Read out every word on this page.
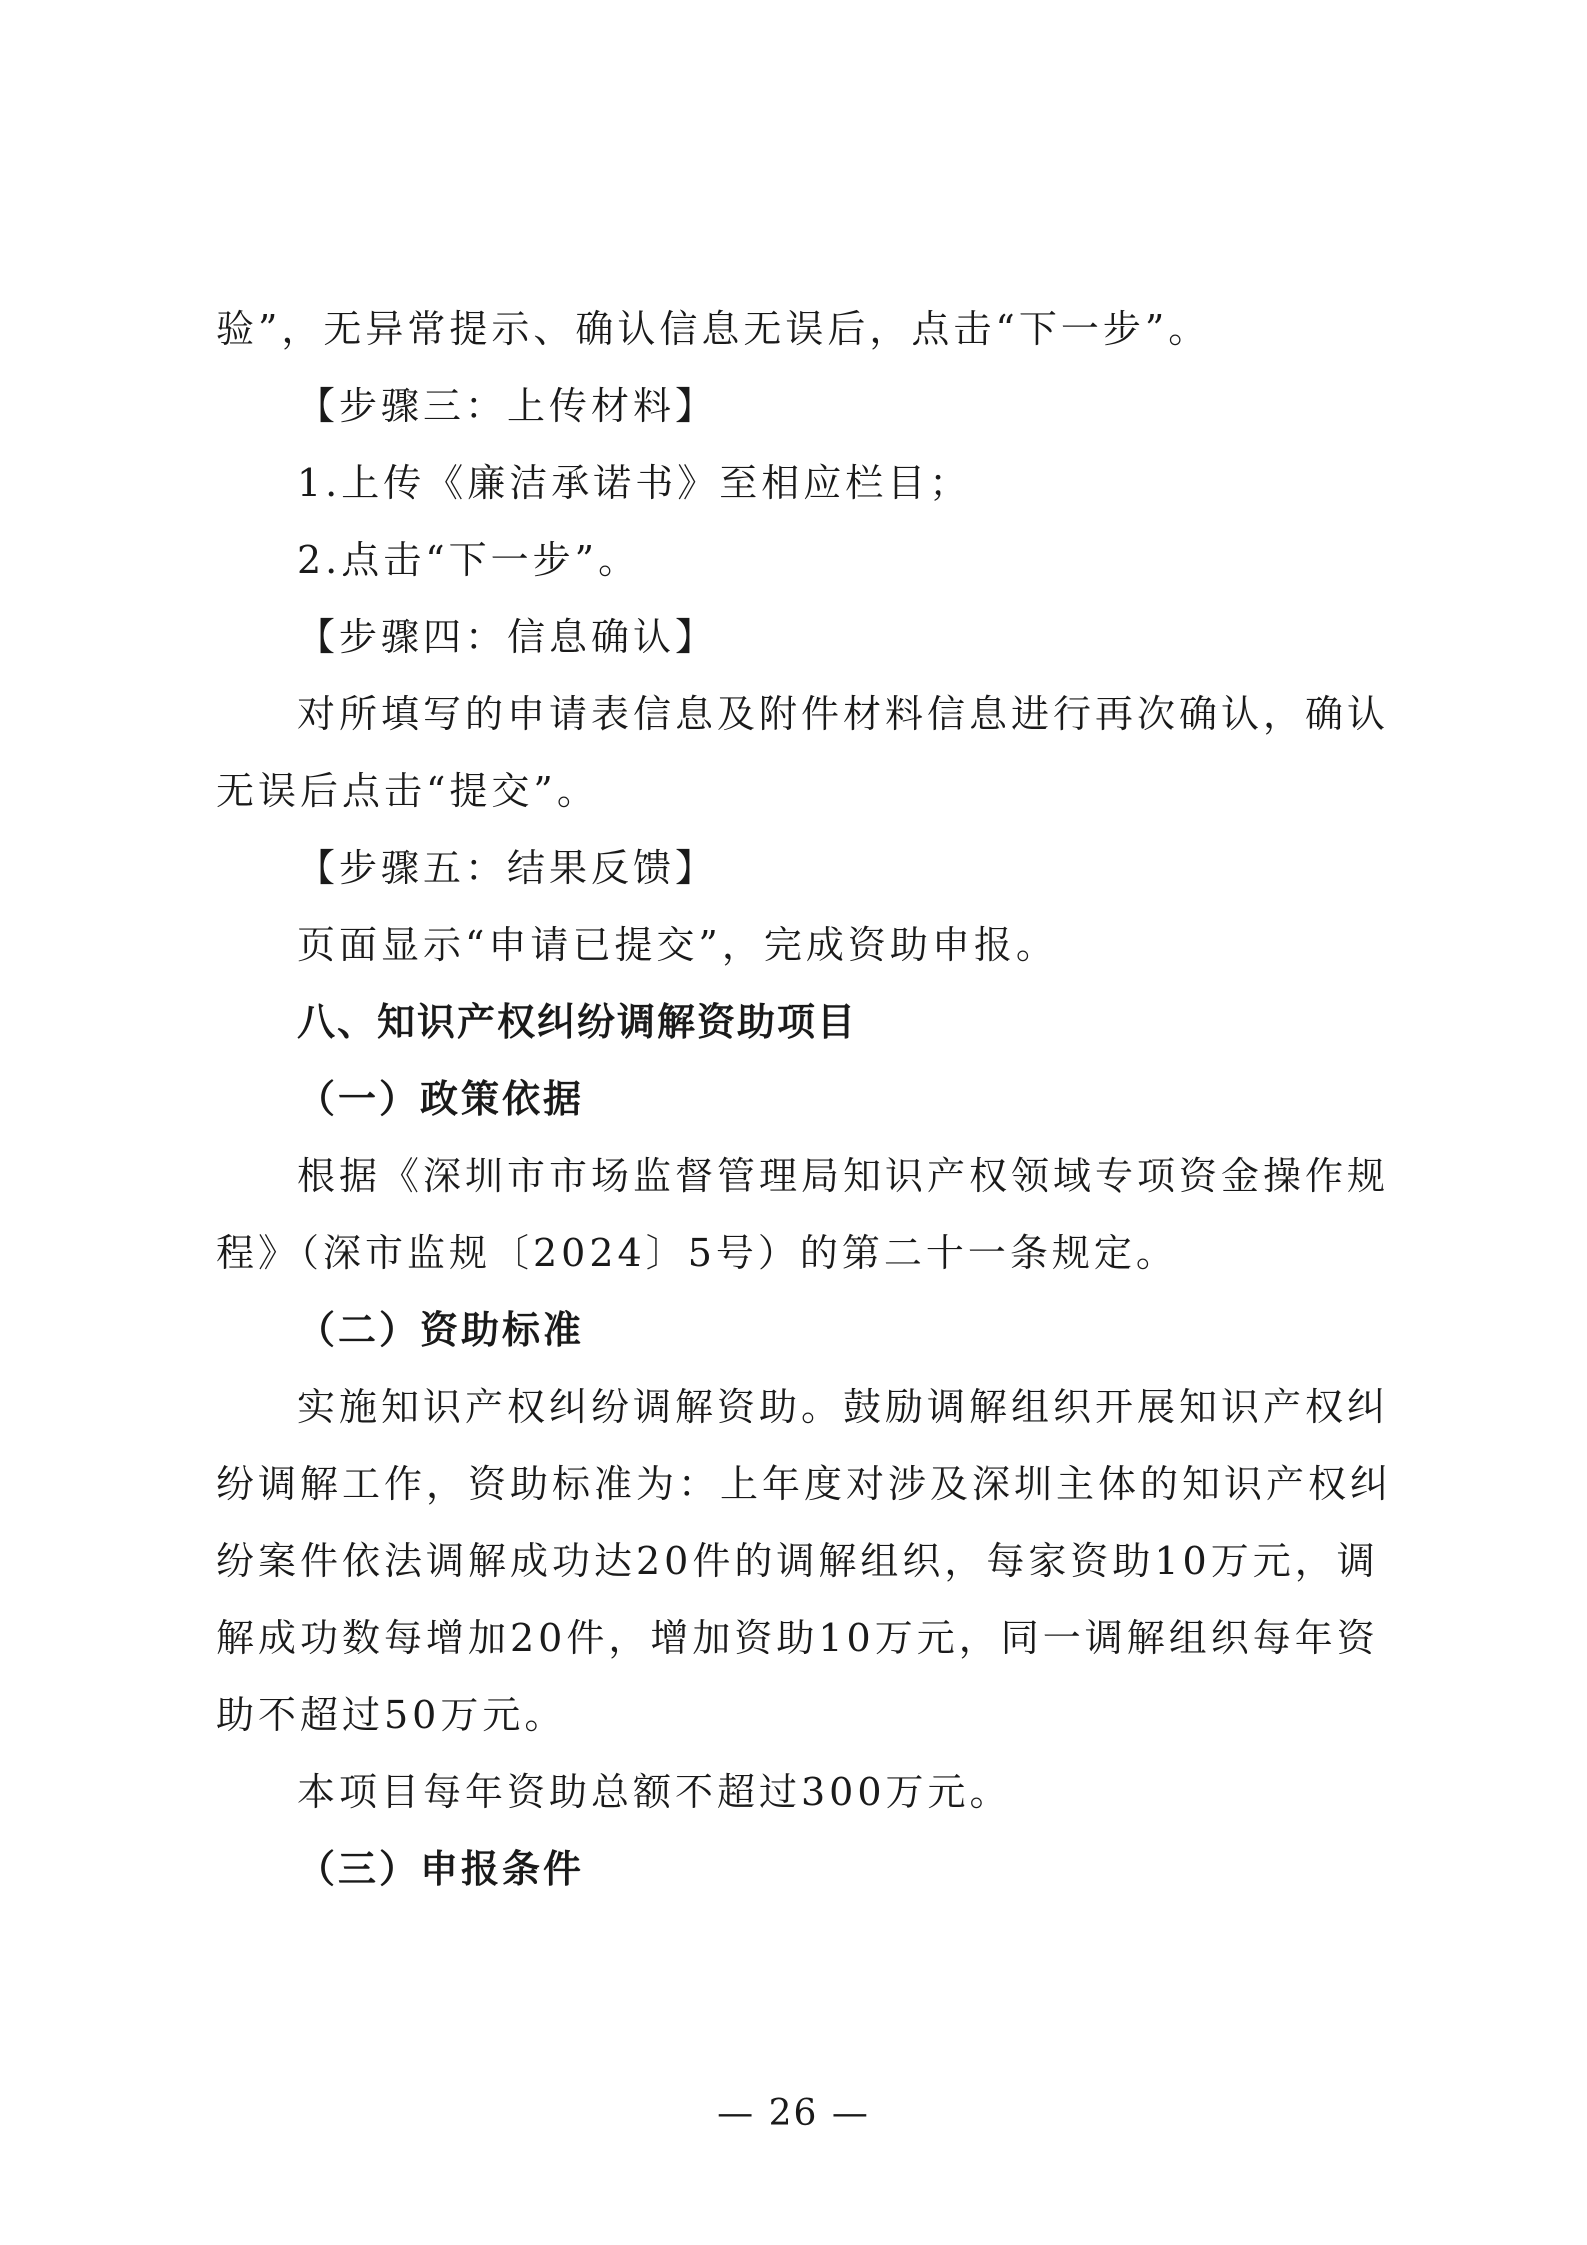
验”，无异常提示、确认信息无误后，点击“下一步”。
【步骤三：上传材料】
1.上传《廉洁承诺书》至相应栏目；
2.点击“下一步”。
【步骤四：信息确认】
对所填写的申请表信息及附件材料信息进行再次确认，确认
无误后点击“提交”。
【步骤五：结果反馈】
页面显示“申请已提交”，完成资助申报。
八、知识产权纠纷调解资助项目
（一）政策依据
根据《深圳市市场监督管理局知识产权领域专项资金操作规
程》（深市监规〔2024〕5号）的第二十一条规定。
（二）资助标准
实施知识产权纠纷调解资助。鼓励调解组织开展知识产权纠
纷调解工作，资助标准为：上年度对涉及深圳主体的知识产权纠
纷案件依法调解成功达20件的调解组织，每家资助10万元，调
解成功数每增加20件，增加资助10万元，同一调解组织每年资
助不超过50万元。
本项目每年资助总额不超过300万元。
（三）申报条件
— 26 —
